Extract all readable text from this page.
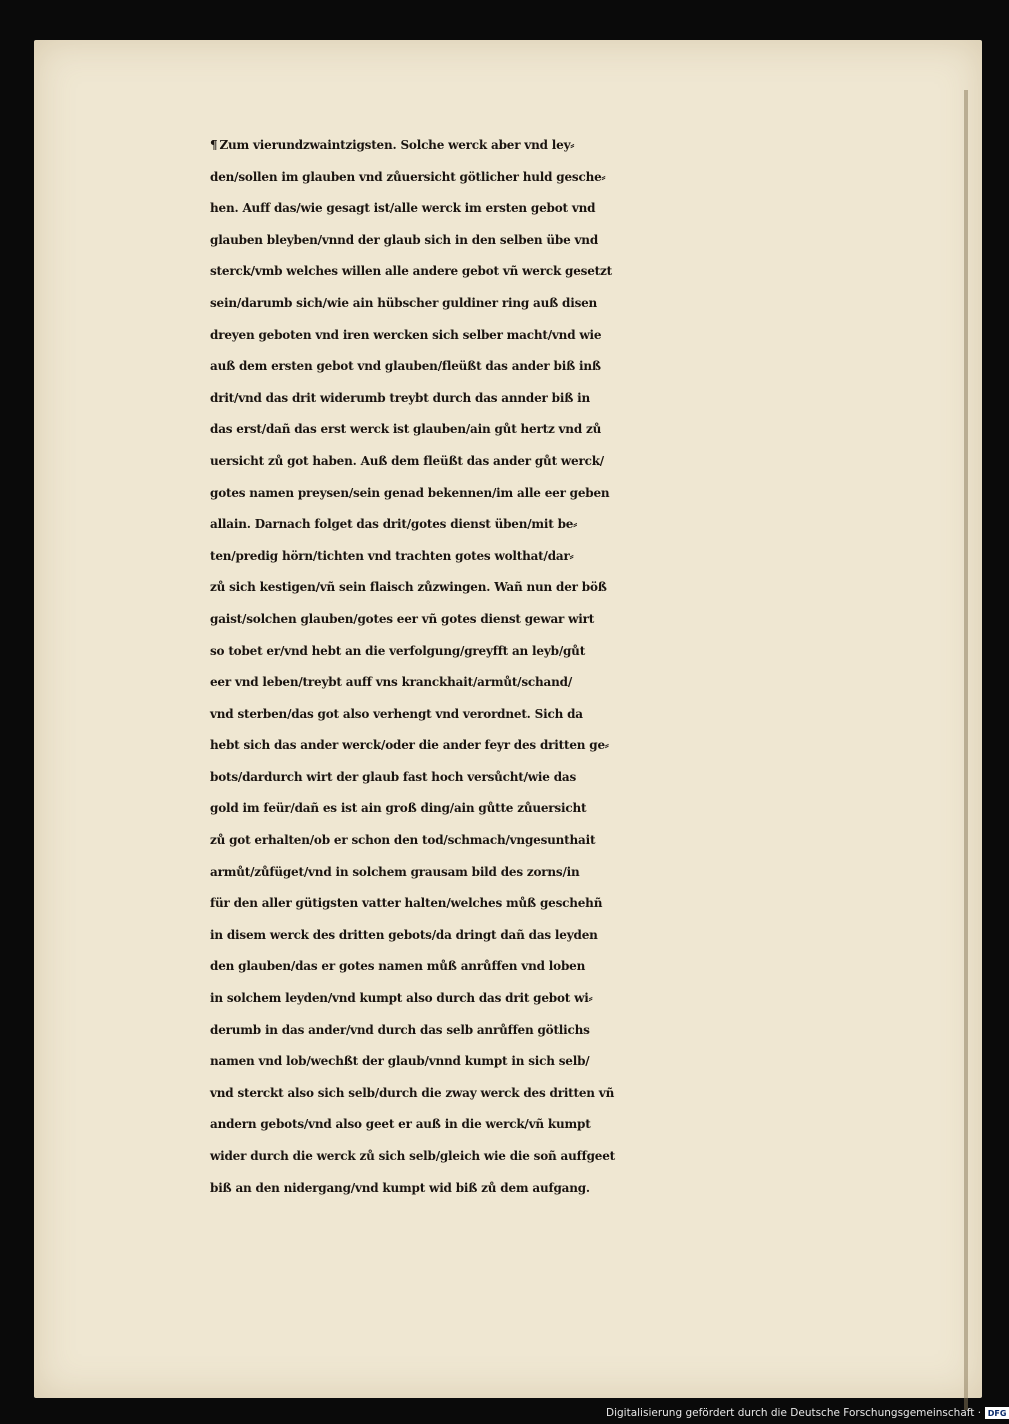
¶ Zum vierundzwaintzigsten. Solche werck aber vnd ley⸗
den/sollen im glauben vnd zůuersicht götlicher huld gesche⸗
hen. Auff das/wie gesagt ist/alle werck im ersten gebot vnd
glauben bleyben/vnnd der glaub sich in den selben übe vnd
sterck/vmb welches willen alle andere gebot vñ werck gesetzt
sein/darumb sich/wie ain hübscher guldiner ring auß disen
dreyen geboten vnd iren wercken sich selber macht/vnd wie
auß dem ersten gebot vnd glauben/fleüßt das ander biß inß
drit/vnd das drit widerumb treybt durch das annder biß in
das erst/dañ das erst werck ist glauben/ain gůt hertz vnd zů
uersicht zů got haben. Auß dem fleüßt das ander gůt werck/
gotes namen preysen/sein genad bekennen/im alle eer geben
allain. Darnach folget das drit/gotes dienst üben/mit be⸗
ten/predig hörn/tichten vnd trachten gotes wolthat/dar⸗
zů sich kestigen/vñ sein flaisch zůzwingen. Wañ nun der böß
gaist/solchen glauben/gotes eer vñ gotes dienst gewar wirt
so tobet er/vnd hebt an die verfolgung/greyfft an leyb/gůt
eer vnd leben/treybt auff vns kranckhait/armůt/schand/
vnd sterben/das got also verhengt vnd verordnet. Sich da
hebt sich das ander werck/oder die ander feyr des dritten ge⸗
bots/dardurch wirt der glaub fast hoch versůcht/wie das
gold im feür/dañ es ist ain groß ding/ain gůtte zůuersicht
zů got erhalten/ob er schon den tod/schmach/vngesunthait
armůt/zůfüget/vnd in solchem grausam bild des zorns/in
für den aller gütigsten vatter halten/welches můß geschehñ
in disem werck des dritten gebots/da dringt dañ das leyden
den glauben/das er gotes namen můß anrůffen vnd loben
in solchem leyden/vnd kumpt also durch das drit gebot wi⸗
derumb in das ander/vnd durch das selb anrůffen götlichs
namen vnd lob/wechßt der glaub/vnnd kumpt in sich selb/
vnd sterckt also sich selb/durch die zway werck des dritten vñ
andern gebots/vnd also geet er auß in die werck/vñ kumpt
wider durch die werck zů sich selb/gleich wie die soñ auffgeet
biß an den nidergang/vnd kumpt wid biß zů dem aufgang.
Digitalisierung gefördert durch die Deutsche Forschungsgemeinschaft · DFG
